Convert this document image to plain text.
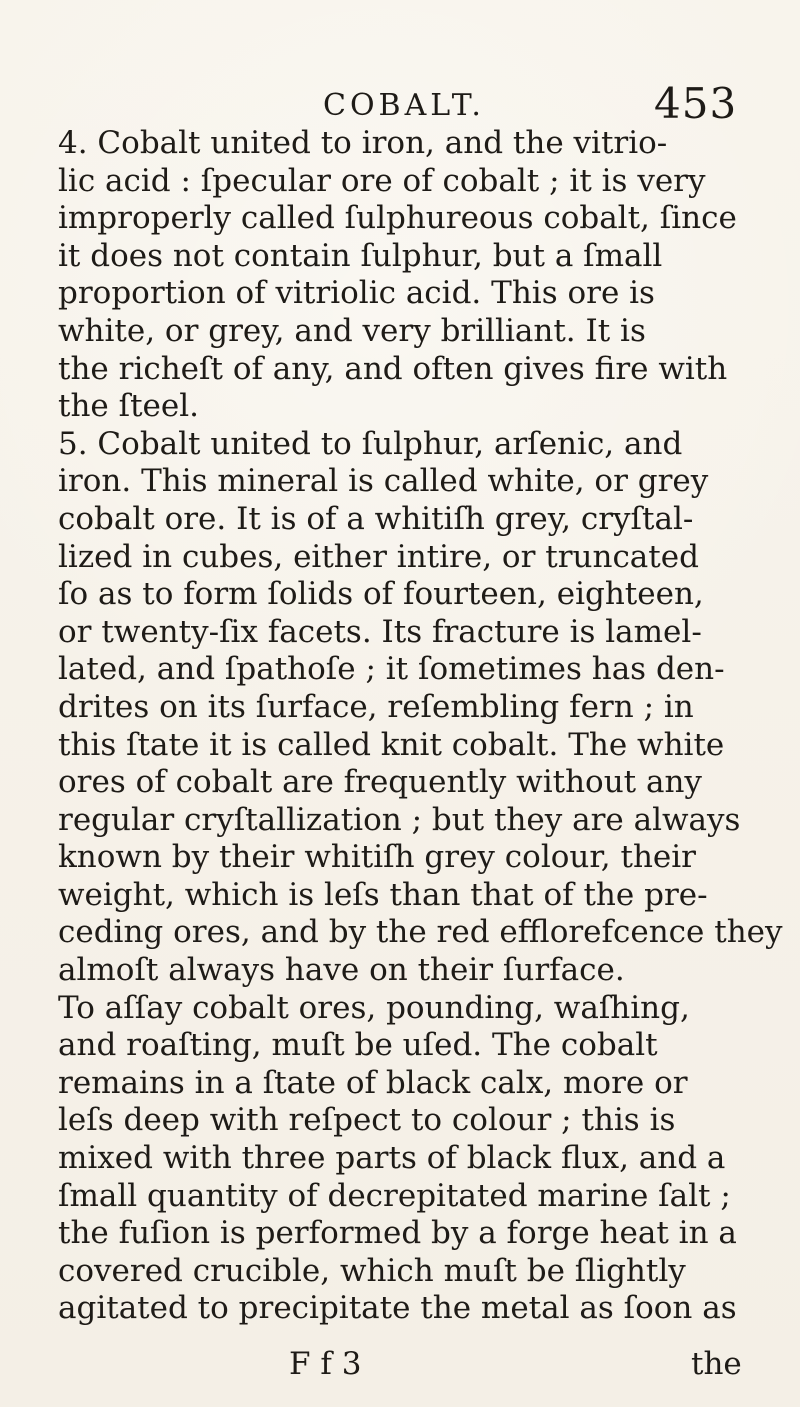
COBALT.	453
4. Cobalt united to iron, and the vitrio-
lic acid : ſpecular ore of cobalt ; it is very
improperly called ſulphureous cobalt, ſince
it does not contain ſulphur, but a ſmall
proportion of vitriolic acid. This ore is
white, or grey, and very brilliant. It is
the richeſt of any, and often gives fire with
the ſteel.
5. Cobalt united to ſulphur, arſenic, and
iron. This mineral is called white, or grey
cobalt ore. It is of a whitiſh grey, cryſtal-
lized in cubes, either intire, or truncated
ſo as to form ſolids of fourteen, eighteen,
or twenty-ſix facets. Its fracture is lamel-
lated, and ſpathoſe ; it ſometimes has den-
drites on its ſurface, reſembling fern ; in
this ſtate it is called knit cobalt. The white
ores of cobalt are frequently without any
regular cryſtallization ; but they are always
known by their whitiſh grey colour, their
weight, which is leſs than that of the pre-
ceding ores, and by the red efflorefcence they
almoſt always have on their ſurface.
To aſſay cobalt ores, pounding, waſhing,
and roaſting, muſt be uſed. The cobalt
remains in a ſtate of black calx, more or
leſs deep with reſpect to colour ; this is
mixed with three parts of black flux, and a
ſmall quantity of decrepitated marine ſalt ;
the fuſion is performed by a forge heat in a
covered crucible, which muſt be ſlightly
agitated to precipitate the metal as ſoon as
F f 3	the
